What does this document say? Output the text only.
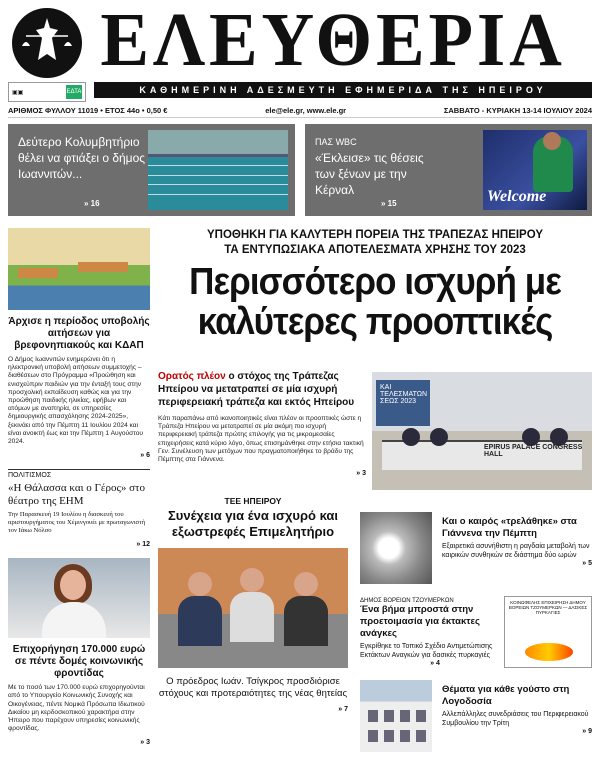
▣▣	ΕΔΤΑ
ΕΛΕΥΘΕΡΙΑ
ΚΑΘΗΜΕΡΙΝΗ ΑΔΕΣΜΕΥΤΗ ΕΦΗΜΕΡΙΔΑ ΤΗΣ ΗΠΕΙΡΟΥ
ΑΡΙΘΜΟΣ ΦΥΛΛΟΥ 11019 • ΕΤΟΣ 44ο • 0,50 €	ele@ele.gr, www.ele.gr	ΣΑΒΒΑΤΟ - ΚΥΡΙΑΚΗ 13-14 ΙΟΥΛΙΟΥ 2024
Δεύτερο Κολυμβητήριο θέλει να φτιάξει ο δήμος Ιωαννιτών...
» 16
ΠΑΣ WBC
«Έκλεισε» τις θέσεις των ξένων με την Κέρναλ	Welcome
» 15
Άρχισε η περίοδος υποβολής αιτήσεων για βρεφονηπιακούς και ΚΔΑΠ
Ο Δήμος Ιωαννιτών ενημερώνει ότι η ηλεκτρονική υποβολή αιτήσεων συμμετοχής – διαθέσεων στο Πρόγραμμα «Προώθηση και ενισχεύπριν παιδιών για την ένταξή τους στην προσχολική εκπαίδευση καθώς και για την προώθηση παιδικής ηλικίας, εφήβων και ατόμων με αναπηρία, σε υπηρεσίες δημιουργικής απασχόλησης 2024-2025», ξεκινάει από την Πέμπτη 11 Ιουλίου 2024 και είναι ανοικτή έως και την Πέμπτη 1 Αυγούστου 2024.
» 6
ΠΟΛΙΤΙΣΜΟΣ
«Η Θάλασσα και ο Γέρος» στο θέατρο της ΕΗΜ
Την Παρασκευή 19 Ιουλίου η διασκευή του αριστουργήματος του Χέμινγουέι με πρωταγωνιστή τον Ιάκω Νόλσο
» 12
Επιχορήγηση 170.000 ευρώ σε πέντε δομές κοινωνικής φροντίδας
Με το ποσό των 170.000 ευρώ επιχορηγούνται από το Υπουργείο Κοινωνικής Συνοχής και Οικογένειας, πέντε Νομικά Πρόσωπα Ιδιωτικού Δικαίου μη κερδοσκοπικού χαρακτήρα στην Ήπειρο που παρέχουν υπηρεσίες κοινωνικής φροντίδας.
» 3
ΥΠΟΘΗΚΗ ΓΙΑ ΚΑΛΥΤΕΡΗ ΠΟΡΕΙΑ ΤΗΣ ΤΡΑΠΕΖΑΣ ΗΠΕΙΡΟΥ
ΤΑ ΕΝΤΥΠΩΣΙΑΚΑ ΑΠΟΤΕΛΕΣΜΑΤΑ ΧΡΗΣΗΣ ΤΟΥ 2023
Περισσότερο ισχυρή με
καλύτερες προοπτικές
Ορατός πλέον ο στόχος της Τράπεζας Ηπείρου να μετατραπεί σε μία ισχυρή περιφερειακή τράπεζα και εκτός Ηπείρου
Κάτι παραπάνω από ικανοποιητικές είναι πλέον οι προοπτικές ώστε η Τράπεζα Ηπείρου να μετατραπεί σε μία ακόμη πιο ισχυρή περιφερειακή τράπεζα πρώτης επιλογής για τις μικρομεσαίες επιχειρήσεις κατά κύριο λόγο, όπως επισημάνθηκε στην ετήσια τακτική Γεν. Συνέλευση των μετόχων που πραγματοποιήθηκε το βράδυ της Πέμπτης στα Γιάννενα.
» 3
ΚΑΙ ΤΕΛΕΣΜΑΤΩΝ ΣΕΩΣ 2023
EPIRUS PALACE CONGRESS HALL
ΤΕΕ ΗΠΕΙΡΟΥ
Συνέχεια για ένα ισχυρό και εξωστρεφές Επιμελητήριο
Ο πρόεδρος Ιωάν. Τσίγκρος προσδιόρισε στόχους και προτεραιότητες της νέας θητείας
» 7
Και ο καιρός «τρελάθηκε» στα Γιάννενα την Πέμπτη
Εξαιρετικά ασυνήθιστη η ραγδαία μεταβολή των καιρικών συνθηκών σε διάστημα δύο ωρών
» 5
ΔΗΜΟΣ ΒΟΡΕΙΩΝ ΤΖΟΥΜΕΡΚΩΝ
Ένα βήμα μπροστά στην προετοιμασία για έκτακτες ανάγκες
Εγκρίθηκε το Τοπικό Σχέδιο Αντιμετώπισης Εκτάκτων Αναγκών για δασικές πυρκαγιές
» 4
ΚΟΙΝΩΦΕΛΗΣ ΕΠΙΧΕΙΡΗΣΗ ΔΗΜΟΥ ΒΟΡΕΙΩΝ ΤΖΟΥΜΕΡΚΩΝ — ΔΑΣΙΚΕΣ ΠΥΡΚΑΓΙΕΣ
Θέματα για κάθε γούστο στη Λογοδοσία
Αλλεπάλληλες συνεδριάσεις του Περιφερειακού Συμβουλίου την Τρίτη
» 9
